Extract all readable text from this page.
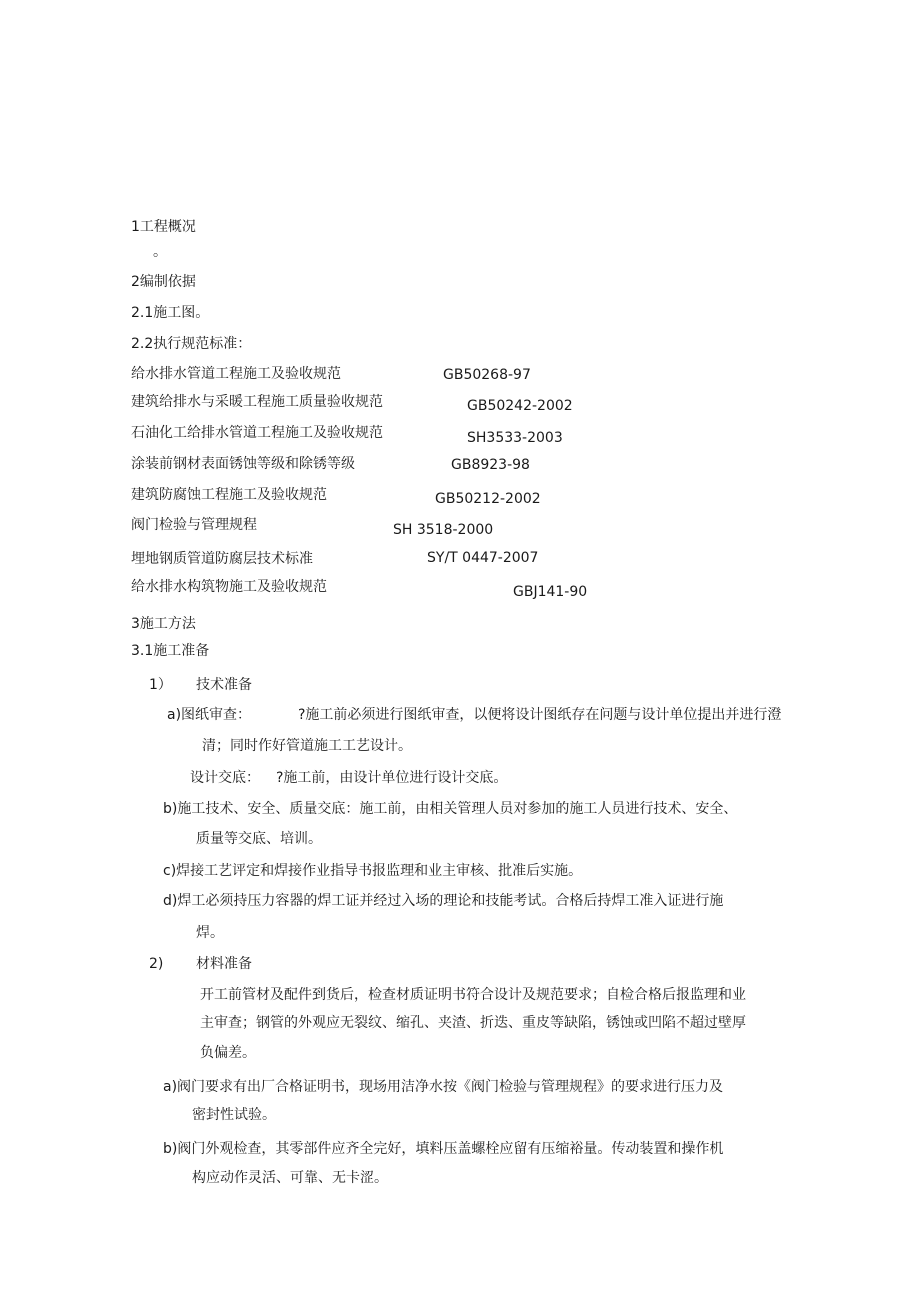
1工程概况
。
2编制依据
2.1施工图。
2.2执行规范标准：
给水排水管道工程施工及验收规范	GB50268-97
建筑给排水与采暖工程施工质量验收规范	GB50242-2002
石油化工给排水管道工程施工及验收规范	SH3533-2003
涂装前钢材表面锈蚀等级和除锈等级	GB8923-98
建筑防腐蚀工程施工及验收规范	GB50212-2002
阀门检验与管理规程	SH 3518-2000
埋地钢质管道防腐层技术标准	SY/T 0447-2007
给水排水构筑物施工及验收规范	GBJ141-90
3施工方法
3.1施工准备
1） 技术准备
a)图纸审查：	?施工前必须进行图纸审查，以便将设计图纸存在问题与设计单位提出并进行澄
清；同时作好管道施工工艺设计。
设计交底： ?施工前，由设计单位进行设计交底。
b)施工技术、安全、质量交底：施工前，由相关管理人员对参加的施工人员进行技术、安全、
质量等交底、培训。
c)焊接工艺评定和焊接作业指导书报监理和业主审核、批准后实施。
d)焊工必须持压力容器的焊工证并经过入场的理论和技能考试。合格后持焊工准入证进行施
焊。
2) 材料准备
开工前管材及配件到货后，检查材质证明书符合设计及规范要求；自检合格后报监理和业
主审查；钢管的外观应无裂纹、缩孔、夹渣、折迭、重皮等缺陷，锈蚀或凹陷不超过壁厚
负偏差。
a)阀门要求有出厂合格证明书，现场用洁净水按《阀门检验与管理规程》的要求进行压力及
密封性试验。
b)阀门外观检查，其零部件应齐全完好，填料压盖螺栓应留有压缩裕量。传动装置和操作机
构应动作灵活、可靠、无卡涩。
